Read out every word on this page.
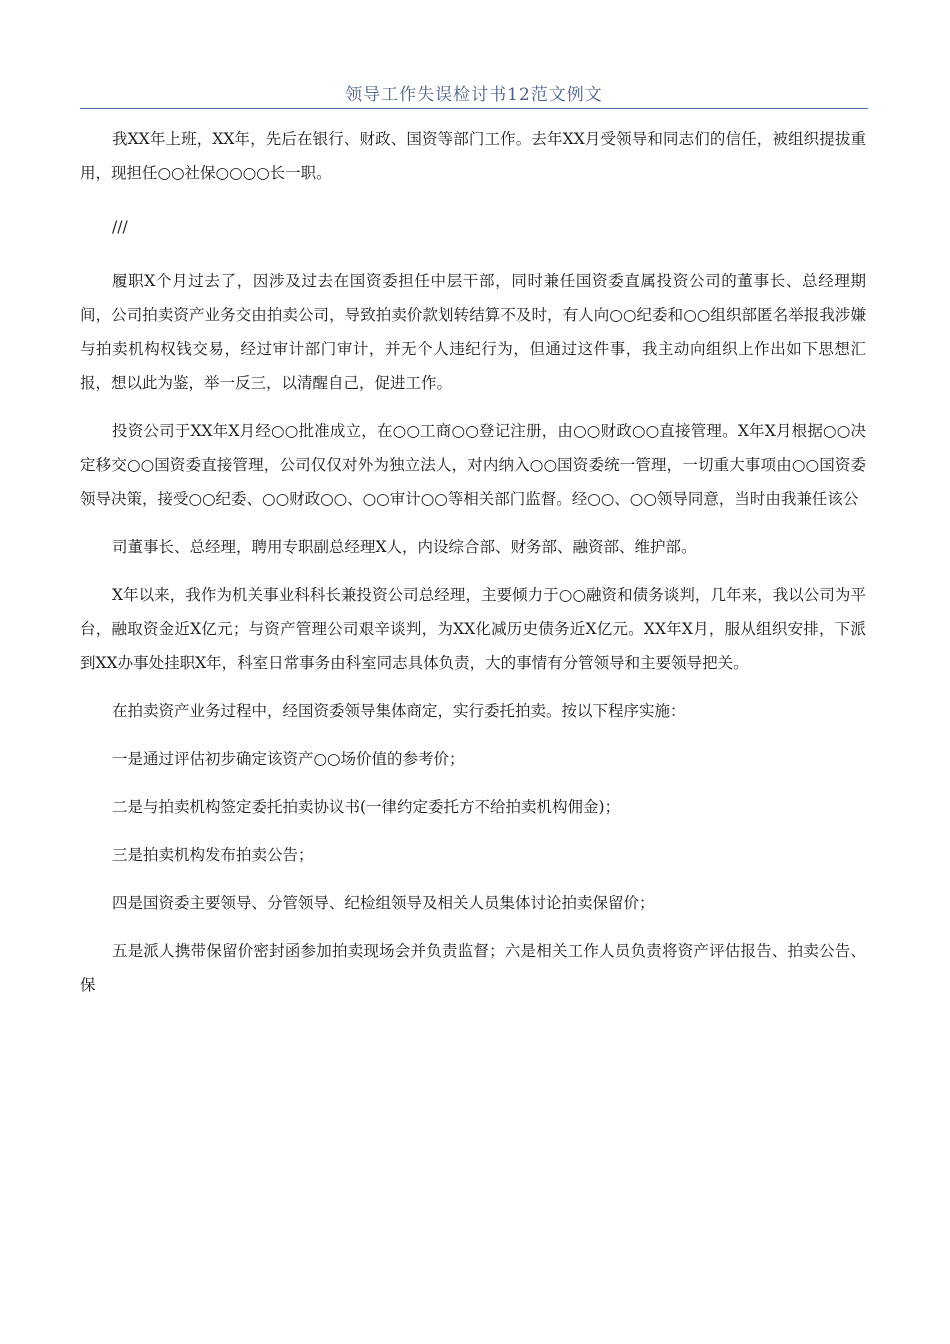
领导工作失误检讨书12范文例文

我XX年上班，XX年，先后在银行、财政、国资等部门工作。去年XX月受领导和同志们的信任，被组织提拔重用，现担任○○社保○○○○长一职。

///

履职X个月过去了，因涉及过去在国资委担任中层干部，同时兼任国资委直属投资公司的董事长、总经理期间，公司拍卖资产业务交由拍卖公司，导致拍卖价款划转结算不及时，有人向○○纪委和○○组织部匿名举报我涉嫌与拍卖机构权钱交易，经过审计部门审计，并无个人违纪行为，但通过这件事，我主动向组织上作出如下思想汇报，想以此为鉴，举一反三，以清醒自己，促进工作。

投资公司于XX年X月经○○批准成立，在○○工商○○登记注册，由○○财政○○直接管理。X年X月根据○○决定移交○○国资委直接管理，公司仅仅对外为独立法人，对内纳入○○国资委统一管理，一切重大事项由○○国资委领导决策，接受○○纪委、○○财政○○、○○审计○○等相关部门监督。经○○、○○领导同意，当时由我兼任该公

司董事长、总经理，聘用专职副总经理X人，内设综合部、财务部、融资部、维护部。

X年以来，我作为机关事业科科长兼投资公司总经理，主要倾力于○○融资和债务谈判，几年来，我以公司为平台，融取资金近X亿元；与资产管理公司艰辛谈判，为XX化减历史债务近X亿元。XX年X月，服从组织安排，下派到XX办事处挂职X年，科室日常事务由科室同志具体负责，大的事情有分管领导和主要领导把关。

在拍卖资产业务过程中，经国资委领导集体商定，实行委托拍卖。按以下程序实施：

一是通过评估初步确定该资产○○场价值的参考价；

二是与拍卖机构签定委托拍卖协议书(一律约定委托方不给拍卖机构佣金)；

三是拍卖机构发布拍卖公告；

四是国资委主要领导、分管领导、纪检组领导及相关人员集体讨论拍卖保留价；

五是派人携带保留价密封函参加拍卖现场会并负责监督；六是相关工作人员负责将资产评估报告、拍卖公告、保
